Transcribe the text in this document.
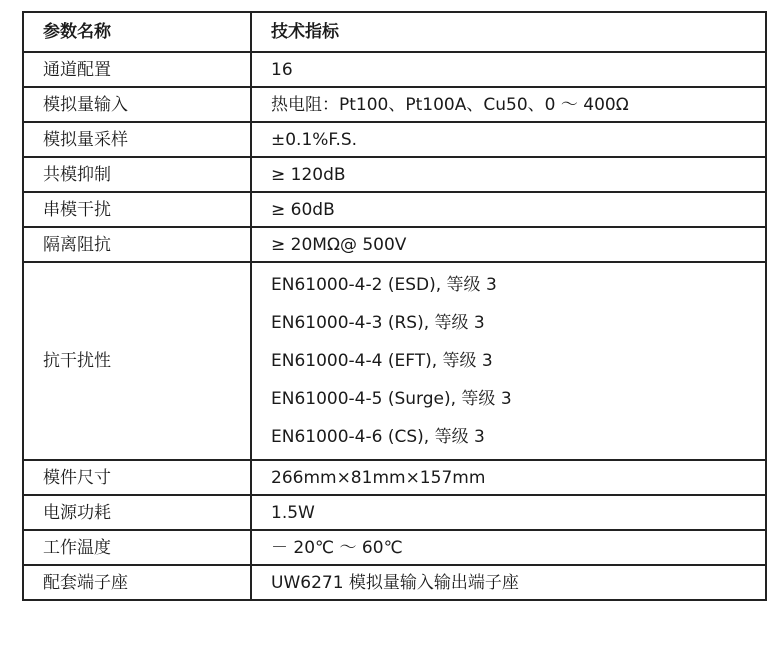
参数名称	技术指标
通道配置	16
模拟量输入	热电阻：Pt100、Pt100A、Cu50、0 ～ 400Ω
模拟量采样	±0.1%F.S.
共模抑制	≥ 120dB
串模干扰	≥ 60dB
隔离阻抗	≥ 20MΩ@ 500V
抗干扰性	EN61000-4-2 (ESD), 等级 3
EN61000-4-3 (RS), 等级 3
EN61000-4-4 (EFT), 等级 3
EN61000-4-5 (Surge), 等级 3
EN61000-4-6 (CS), 等级 3

模件尺寸	266mm×81mm×157mm
电源功耗	1.5W
工作温度	－ 20℃ ～ 60℃
配套端子座	UW6271 模拟量输入输出端子座
